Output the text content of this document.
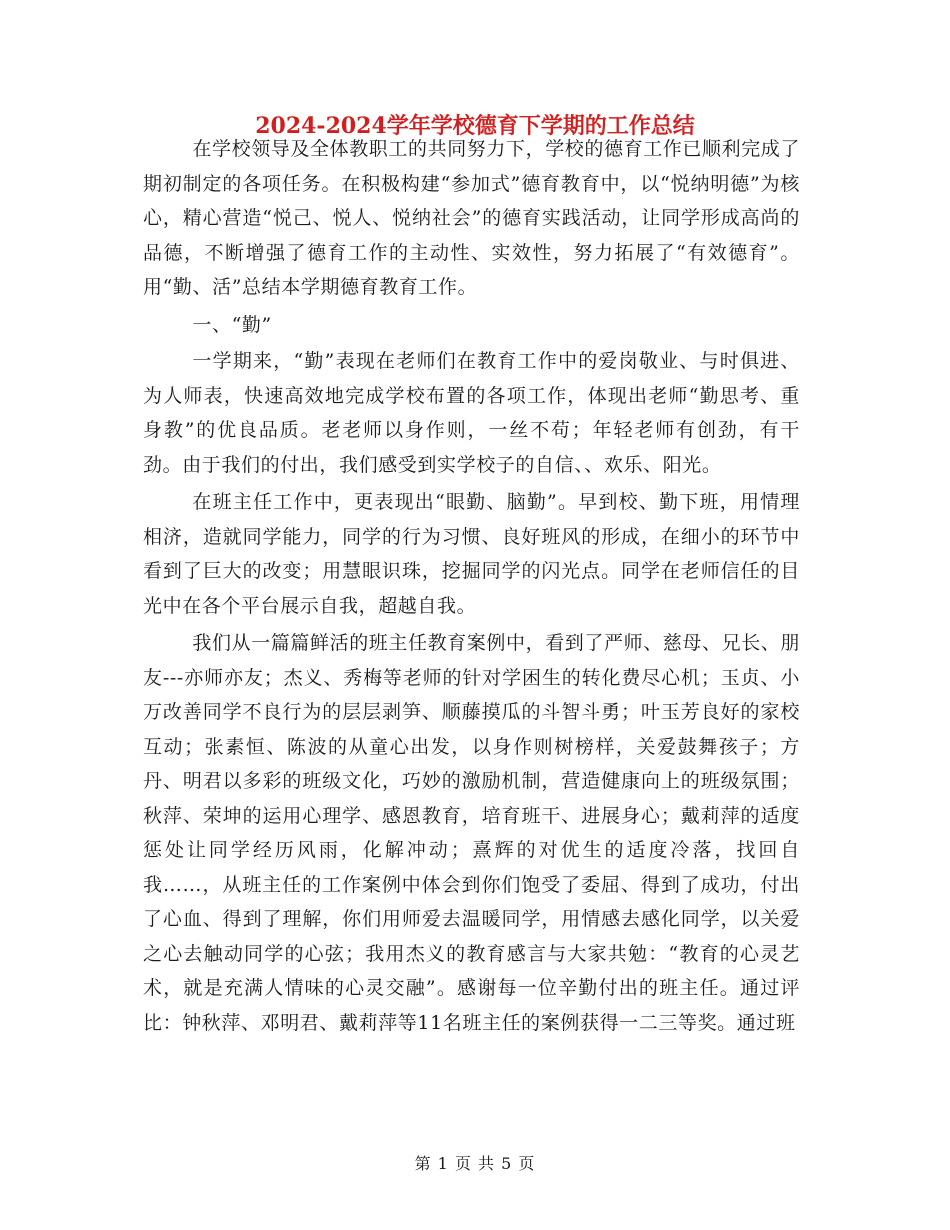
2024-2024学年学校德育下学期的工作总结

在学校领导及全体教职工的共同努力下，学校的德育工作已顺利完成了期初制定的各项任务。在积极构建“参加式”德育教育中，以“悦纳明德”为核心，精心营造“悦己、悦人、悦纳社会”的德育实践活动，让同学形成高尚的品德，不断增强了德育工作的主动性、实效性，努力拓展了“有效德育”。用“勤、活”总结本学期德育教育工作。

一、“勤”

一学期来，“勤”表现在老师们在教育工作中的爱岗敬业、与时俱进、为人师表，快速高效地完成学校布置的各项工作，体现出老师“勤思考、重身教”的优良品质。老老师以身作则，一丝不苟；年轻老师有创劲，有干劲。由于我们的付出，我们感受到实学校子的自信、、欢乐、阳光。

在班主任工作中，更表现出“眼勤、脑勤”。早到校、勤下班，用情理相济，造就同学能力，同学的行为习惯、良好班风的形成，在细小的环节中看到了巨大的改变；用慧眼识珠，挖掘同学的闪光点。同学在老师信任的目光中在各个平台展示自我，超越自我。

我们从一篇篇鲜活的班主任教育案例中，看到了严师、慈母、兄长、朋友---亦师亦友；杰义、秀梅等老师的针对学困生的转化费尽心机；玉贞、小万改善同学不良行为的层层剥笋、顺藤摸瓜的斗智斗勇；叶玉芳良好的家校互动；张素恒、陈波的从童心出发，以身作则树榜样，关爱鼓舞孩子；方丹、明君以多彩的班级文化，巧妙的激励机制，营造健康向上的班级氛围；秋萍、荣坤的运用心理学、感恩教育，培育班干、进展身心；戴莉萍的适度惩处让同学经历风雨，化解冲动；熹辉的对优生的适度冷落，找回自我……，从班主任的工作案例中体会到你们饱受了委屈、得到了成功，付出了心血、得到了理解，你们用师爱去温暖同学，用情感去感化同学，以关爱之心去触动同学的心弦；我用杰义的教育感言与大家共勉：“教育的心灵艺术，就是充满人情味的心灵交融”。感谢每一位辛勤付出的班主任。通过评比：钟秋萍、邓明君、戴莉萍等11名班主任的案例获得一二三等奖。通过班

第 1 页 共 5 页
